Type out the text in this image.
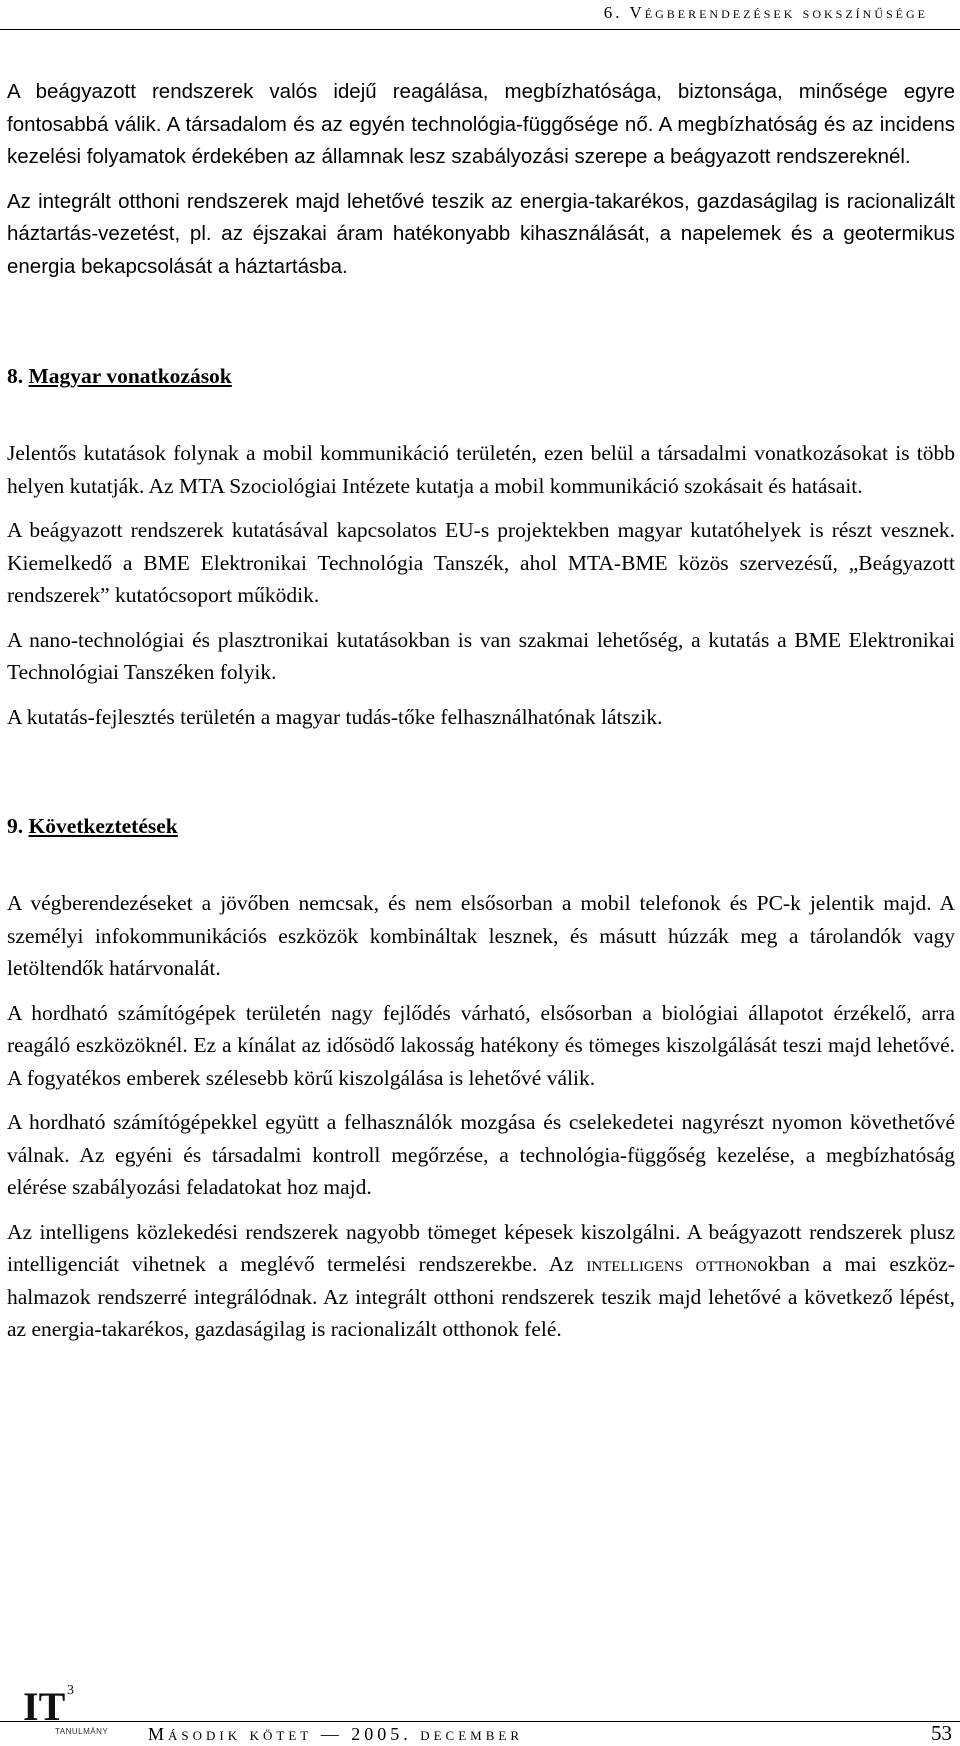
6. Végberendezések sokszínűsége

A beágyazott rendszerek valós idejű reagálása, megbízhatósága, biztonsága, minősége egyre fontosabbá válik. A társadalom és az egyén technológia-függősége nő. A megbízhatóság és az incidens kezelési folyamatok érdekében az államnak lesz szabályozási szerepe a beágyazott rendszereknél.

Az integrált otthoni rendszerek majd lehetővé teszik az energia-takarékos, gazdaságilag is racionalizált háztartás-vezetést, pl. az éjszakai áram hatékonyabb kihasználását, a napelemek és a geotermikus energia bekapcsolását a háztartásba.

8. Magyar vonatkozások

Jelentős kutatások folynak a mobil kommunikáció területén, ezen belül a társadalmi vonatkozásokat is több helyen kutatják. Az MTA Szociológiai Intézete kutatja a mobil kommunikáció szokásait és hatásait.

A beágyazott rendszerek kutatásával kapcsolatos EU-s projektekben magyar kutatóhelyek is részt vesznek. Kiemelkedő a BME Elektronikai Technológia Tanszék, ahol MTA-BME közös szervezésű, „Beágyazott rendszerek” kutatócsoport működik.

A nano-technológiai és plasztronikai kutatásokban is van szakmai lehetőség, a kutatás a BME Elektronikai Technológiai Tanszéken folyik.

A kutatás-fejlesztés területén a magyar tudás-tőke felhasználhatónak látszik.

9. Következtetések

A végberendezéseket a jövőben nemcsak, és nem elsősorban a mobil telefonok és PC-k jelentik majd. A személyi infokommunikációs eszközök kombináltak lesznek, és másutt húzzák meg a tárolandók vagy letöltendők határvonalát.

A hordható számítógépek területén nagy fejlődés várható, elsősorban a biológiai állapotot érzékelő, arra reagáló eszközöknél. Ez a kínálat az idősödő lakosság hatékony és tömeges kiszolgálását teszi majd lehetővé. A fogyatékos emberek szélesebb körű kiszolgálása is lehetővé válik.

A hordható számítógépekkel együtt a felhasználók mozgása és cselekedetei nagyrészt nyomon követhetővé válnak. Az egyéni és társadalmi kontroll megőrzése, a technológia-függőség kezelése, a megbízhatóság elérése szabályozási feladatokat hoz majd.

Az intelligens közlekedési rendszerek nagyobb tömeget képesek kiszolgálni. A beágyazott rendszerek plusz intelligenciát vihetnek a meglévő termelési rendszerekbe. Az intelligens otthonokban a mai eszköz-halmazok rendszerré integrálódnak. Az integrált otthoni rendszerek teszik majd lehetővé a következő lépést, az energia-takarékos, gazdaságilag is racionalizált otthonok felé.

IT 3
TANULMÁNY Második kötet — 2005. december	53
